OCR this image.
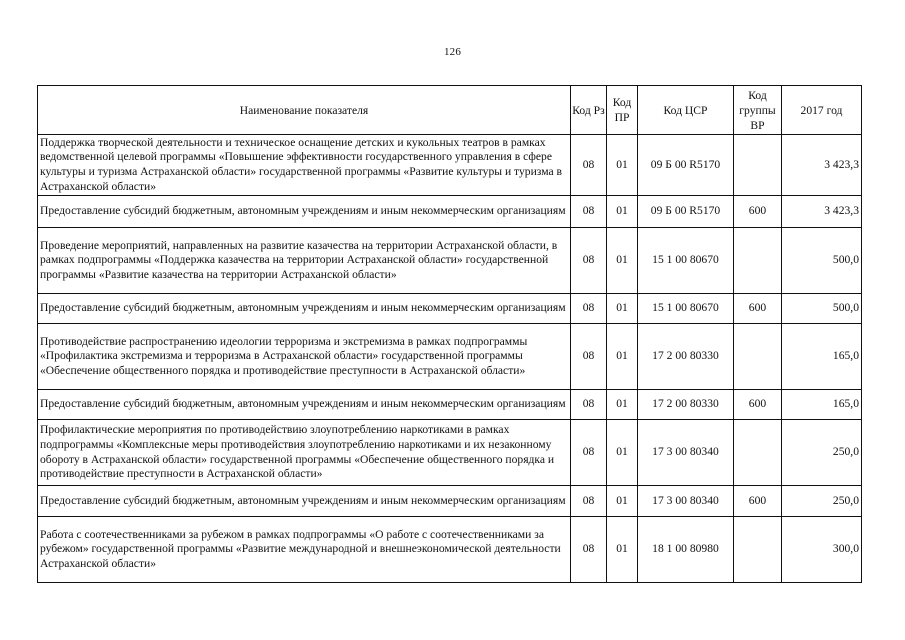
126
Наименование показателя	Код Рз	Код ПР	Код ЦСР	Код группы ВР	2017 год
Поддержка творческой деятельности и техническое оснащение детских и кукольных театров в рамках ведомственной целевой программы «Повышение эффективности государственного управления в сфере культуры и туризма Астраханской области» государственной программы «Развитие культуры и туризма в Астраханской области»	08	01	09 Б 00 R5170		3 423,3
Предоставление субсидий бюджетным, автономным учреждениям и иным некоммерческим организациям	08	01	09 Б 00 R5170	600	3 423,3
Проведение мероприятий, направленных на развитие казачества на территории Астраханской области, в рамках подпрограммы «Поддержка казачества на территории Астраханской области» государственной программы «Развитие казачества на территории Астраханской области»	08	01	15 1 00 80670		500,0
Предоставление субсидий бюджетным, автономным учреждениям и иным некоммерческим организациям	08	01	15 1 00 80670	600	500,0
Противодействие распространению идеологии терроризма и экстремизма в рамках подпрограммы «Профилактика экстремизма и терроризма в Астраханской области» государственной программы «Обеспечение общественного порядка и противодействие преступности в Астраханской области»	08	01	17 2 00 80330		165,0
Предоставление субсидий бюджетным, автономным учреждениям и иным некоммерческим организациям	08	01	17 2 00 80330	600	165,0
Профилактические мероприятия по противодействию злоупотреблению наркотиками в рамках подпрограммы «Комплексные меры противодействия злоупотреблению наркотиками и их незаконному обороту в Астраханской области» государственной программы «Обеспечение общественного порядка и противодействие преступности в Астраханской области»	08	01	17 3 00 80340		250,0
Предоставление субсидий бюджетным, автономным учреждениям и иным некоммерческим организациям	08	01	17 3 00 80340	600	250,0
Работа с соотечественниками за рубежом в рамках подпрограммы «О работе с соотечественниками за рубежом» государственной программы «Развитие международной и внешнеэкономической деятельности Астраханской области»	08	01	18 1 00 80980		300,0
